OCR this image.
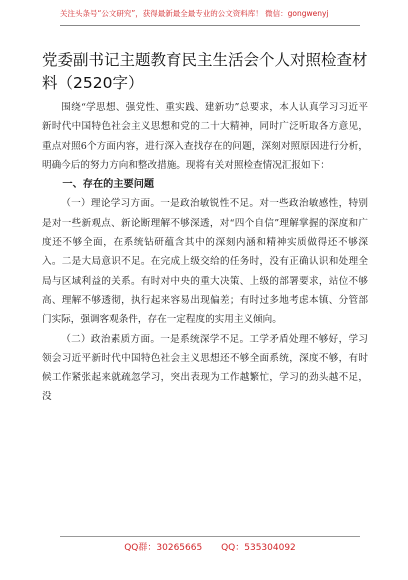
关注头条号“公文研究”，获得最新最全最专业的公文资料库！ 微信：gongwenyj
党委副书记主题教育民主生活会个人对照检查材料（2520字）

围绕“学思想、强党性、重实践、建新功”总要求，本人认真学习习近平新时代中国特色社会主义思想和党的二十大精神，同时广泛听取各方意见，重点对照6个方面内容，进行深入查找存在的问题，深刻对照原因进行分析，明确今后的努力方向和整改措施。现将有关对照检查情况汇报如下：

一、存在的主要问题

（一）理论学习方面。一是政治敏锐性不足。对一些政治敏感性，特别是对一些新观点、新论断理解不够深透，对“四个自信”理解掌握的深度和广度还不够全面，在系统钻研蕴含其中的深刻内涵和精神实质做得还不够深入。二是大局意识不足。在完成上级交给的任务时，没有正确认识和处理全局与区域利益的关系。有时对中央的重大决策、上级的部署要求，站位不够高、理解不够透彻，执行起来容易出现偏差；有时过多地考虑本镇、分管部门实际，强调客观条件，存在一定程度的实用主义倾向。

（二）政治素质方面。一是系统深学不足。工学矛盾处理不够好，学习领会习近平新时代中国特色社会主义思想还不够全面系统，深度不够，有时候工作紧张起来就疏忽学习，突出表现为工作越繁忙，学习的劲头越不足，没

QQ群：30265665 QQ：535304092
